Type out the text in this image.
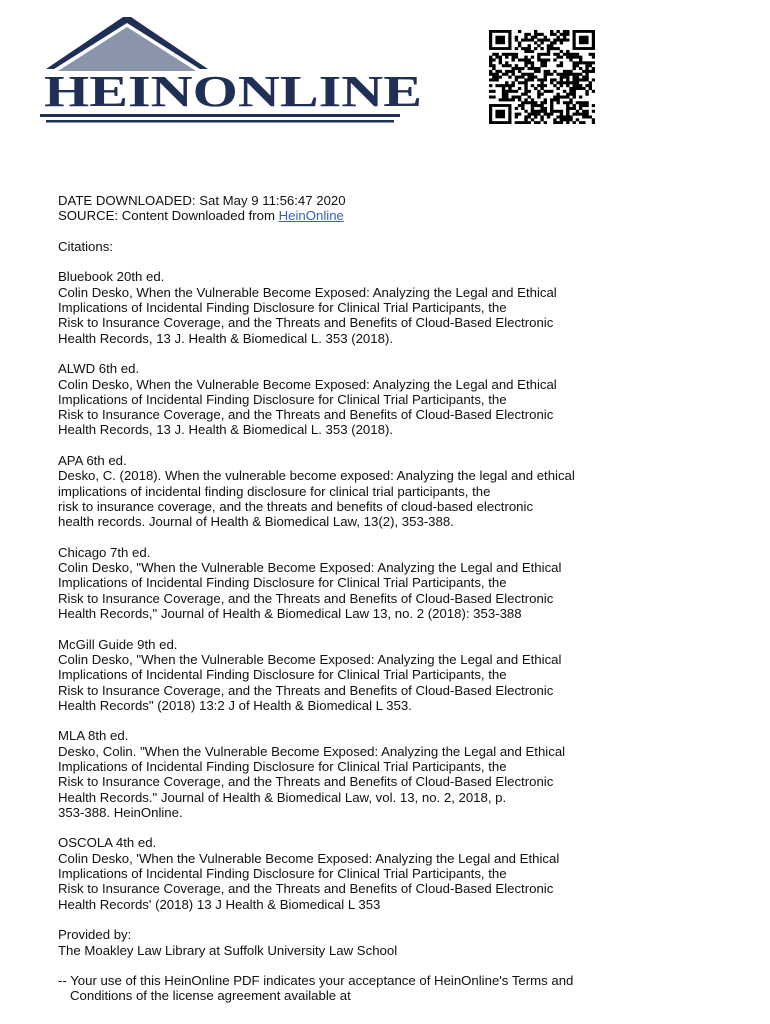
HEINONLINE

DATE DOWNLOADED: Sat May 9 11:56:47 2020

SOURCE: Content Downloaded from HeinOnline

Citations:

Bluebook 20th ed.
Colin Desko, When the Vulnerable Become Exposed: Analyzing the Legal and Ethical
Implications of Incidental Finding Disclosure for Clinical Trial Participants, the
Risk to Insurance Coverage, and the Threats and Benefits of Cloud-Based Electronic
Health Records, 13 J. Health & Biomedical L. 353 (2018).
ALWD 6th ed.
Colin Desko, When the Vulnerable Become Exposed: Analyzing the Legal and Ethical
Implications of Incidental Finding Disclosure for Clinical Trial Participants, the
Risk to Insurance Coverage, and the Threats and Benefits of Cloud-Based Electronic
Health Records, 13 J. Health & Biomedical L. 353 (2018).
APA 6th ed.
Desko, C. (2018). When the vulnerable become exposed: Analyzing the legal and ethical
implications of incidental finding disclosure for clinical trial participants, the
risk to insurance coverage, and the threats and benefits of cloud-based electronic
health records. Journal of Health & Biomedical Law, 13(2), 353-388.
Chicago 7th ed.
Colin Desko, "When the Vulnerable Become Exposed: Analyzing the Legal and Ethical
Implications of Incidental Finding Disclosure for Clinical Trial Participants, the
Risk to Insurance Coverage, and the Threats and Benefits of Cloud-Based Electronic
Health Records," Journal of Health & Biomedical Law 13, no. 2 (2018): 353-388
McGill Guide 9th ed.
Colin Desko, "When the Vulnerable Become Exposed: Analyzing the Legal and Ethical
Implications of Incidental Finding Disclosure for Clinical Trial Participants, the
Risk to Insurance Coverage, and the Threats and Benefits of Cloud-Based Electronic
Health Records" (2018) 13:2 J of Health & Biomedical L 353.
MLA 8th ed.
Desko, Colin. "When the Vulnerable Become Exposed: Analyzing the Legal and Ethical
Implications of Incidental Finding Disclosure for Clinical Trial Participants, the
Risk to Insurance Coverage, and the Threats and Benefits of Cloud-Based Electronic
Health Records." Journal of Health & Biomedical Law, vol. 13, no. 2, 2018, p.
353-388. HeinOnline.
OSCOLA 4th ed.
Colin Desko, 'When the Vulnerable Become Exposed: Analyzing the Legal and Ethical
Implications of Incidental Finding Disclosure for Clinical Trial Participants, the
Risk to Insurance Coverage, and the Threats and Benefits of Cloud-Based Electronic
Health Records' (2018) 13 J Health & Biomedical L 353

Provided by:

The Moakley Law Library at Suffolk University Law School

-- Your use of this HeinOnline PDF indicates your acceptance of HeinOnline's Terms and
Conditions of the license agreement available at
